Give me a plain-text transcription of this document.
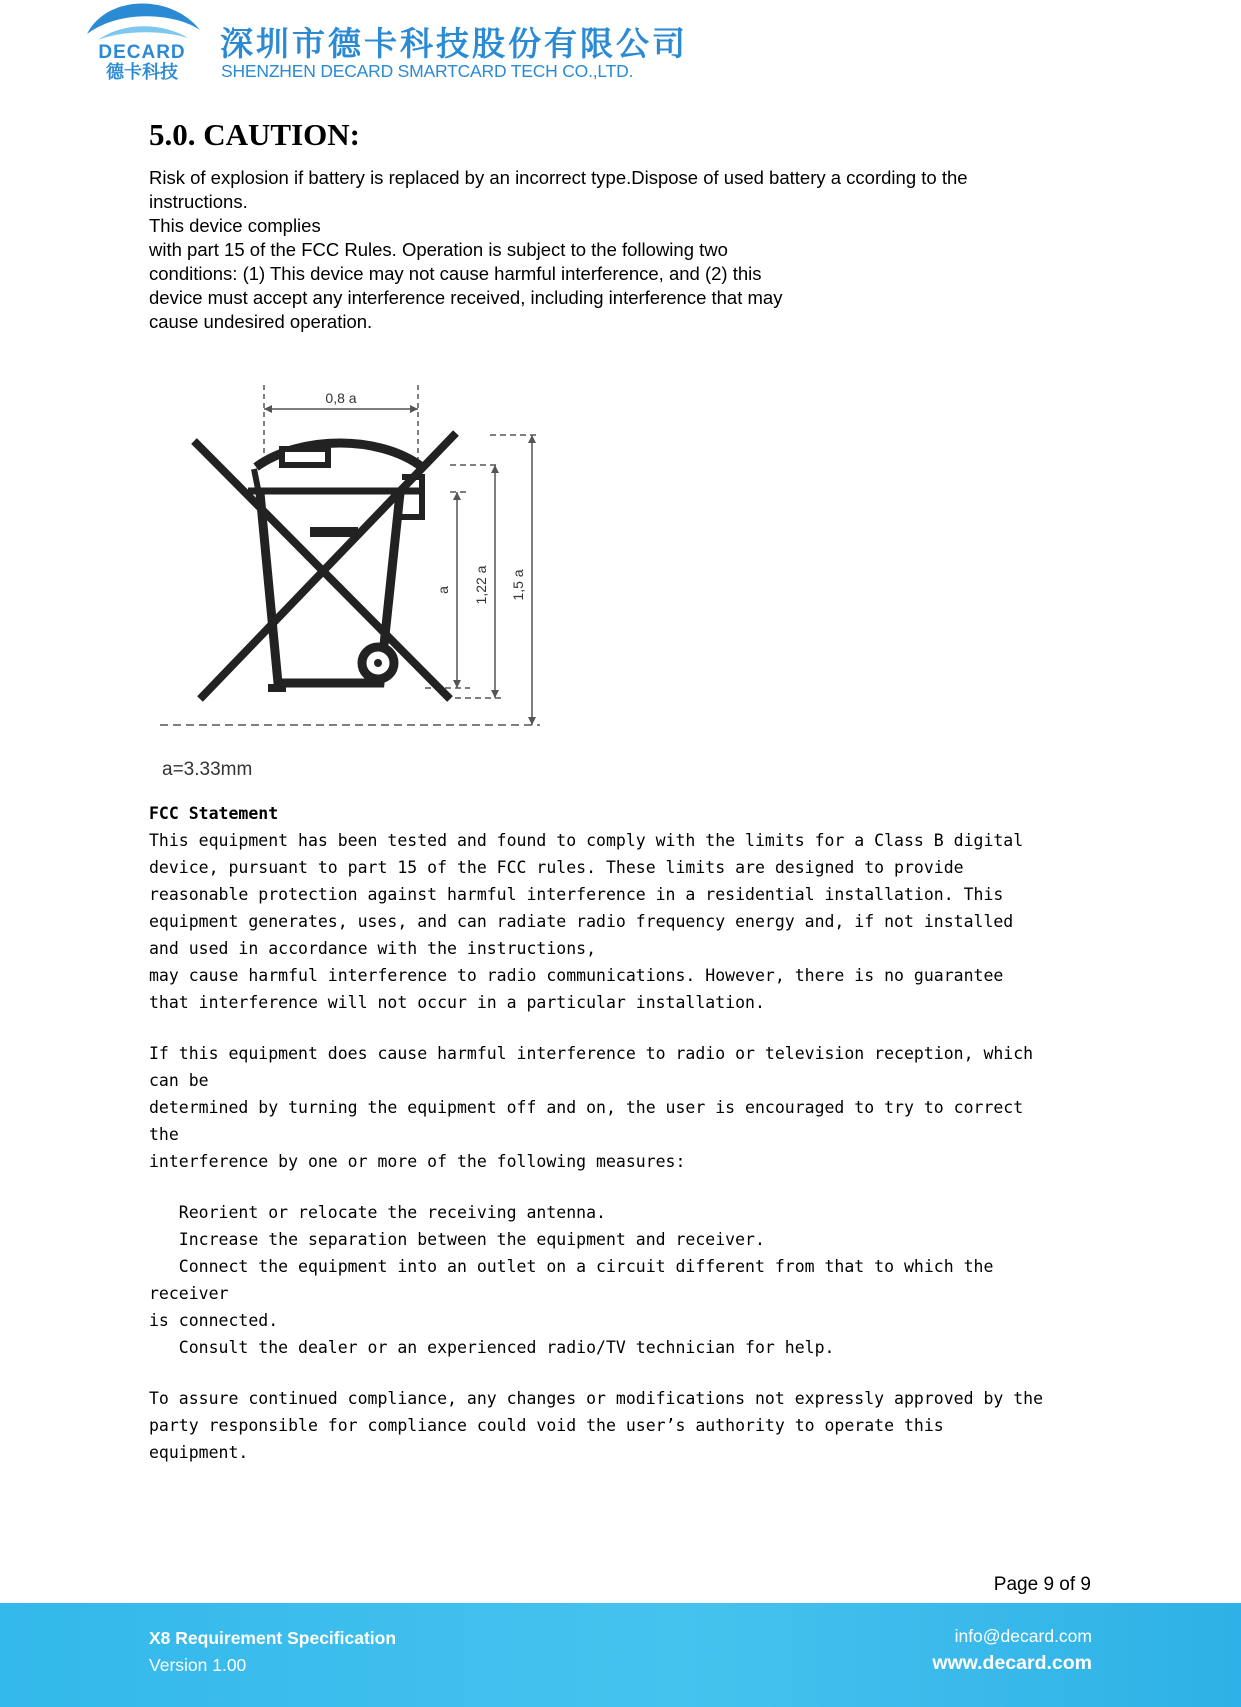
DECARD
德卡科技
深圳市德卡科技股份有限公司
SHENZHEN DECARD SMARTCARD TECH CO.,LTD.
5.0. CAUTION:
Risk of explosion if battery is replaced by an incorrect type.Dispose of used battery a ccording to the
instructions.
This device complies
with part 15 of the FCC Rules. Operation is subject to the following two
conditions: (1) This device may not cause harmful interference, and (2) this
device must accept any interference received, including interference that may
cause undesired operation.
0,8 a
a 1,22 a 1,5 a
a=3.33mm
FCC Statement
This equipment has been tested and found to comply with the limits for a Class B digital
device, pursuant to part 15 of the FCC rules. These limits are designed to provide
reasonable protection against harmful interference in a residential installation. This
equipment generates, uses, and can radiate radio frequency energy and, if not installed
and used in accordance with the instructions,
may cause harmful interference to radio communications. However, there is no guarantee
that interference will not occur in a particular installation.
If this equipment does cause harmful interference to radio or television reception, which
can be
determined by turning the equipment off and on, the user is encouraged to try to correct
the
interference by one or more of the following measures:
Reorient or relocate the receiving antenna.
Increase the separation between the equipment and receiver.
Connect the equipment into an outlet on a circuit different from that to which the
receiver
is connected.
Consult the dealer or an experienced radio/TV technician for help.
To assure continued compliance, any changes or modifications not expressly approved by the
party responsible for compliance could void the user’s authority to operate this
equipment.
Page 9 of 9
X8 Requirement Specification
Version 1.00
info@decard.com
www.decard.com
